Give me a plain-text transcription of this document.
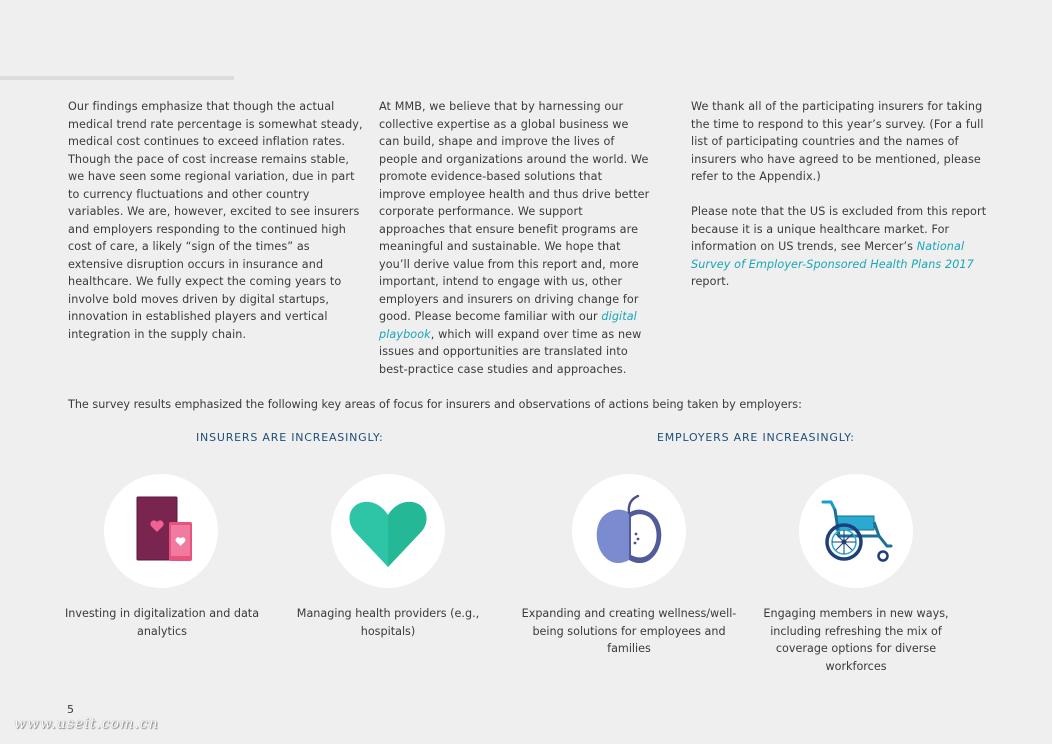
Our findings emphasize that though the actual medical trend rate percentage is somewhat steady, medical cost continues to exceed inflation rates. Though the pace of cost increase remains stable, we have seen some regional variation, due in part to currency fluctuations and other country variables. We are, however, excited to see insurers and employers responding to the continued high cost of care, a likely “sign of the times” as extensive disruption occurs in insurance and healthcare. We fully expect the coming years to involve bold moves driven by digital startups, innovation in established players and vertical integration in the supply chain.

At MMB, we believe that by harnessing our collective expertise as a global business we can build, shape and improve the lives of people and organizations around the world. We promote evidence-based solutions that improve employee health and thus drive better corporate performance. We support approaches that ensure benefit programs are meaningful and sustainable. We hope that you’ll derive value from this report and, more important, intend to engage with us, other employers and insurers on driving change for good. Please become familiar with our digital playbook, which will expand over time as new issues and opportunities are translated into best-practice case studies and approaches.

We thank all of the participating insurers for taking the time to respond to this year’s survey. (For a full list of participating countries and the names of insurers who have agreed to be mentioned, please refer to the Appendix.)

Please note that the US is excluded from this report because it is a unique healthcare market. For information on US trends, see Mercer’s National Survey of Employer-Sponsored Health Plans 2017 report.

The survey results emphasized the following key areas of focus for insurers and observations of actions being taken by employers:
INSURERS ARE INCREASINGLY:	EMPLOYERS ARE INCREASINGLY:
Investing in digitalization and data analytics
Managing health providers (e.g., hospitals)
Expanding and creating wellness/well-being solutions for employees and families
Engaging members in new ways, including refreshing the mix of coverage options for diverse workforces
5
www.useit.com.cn
